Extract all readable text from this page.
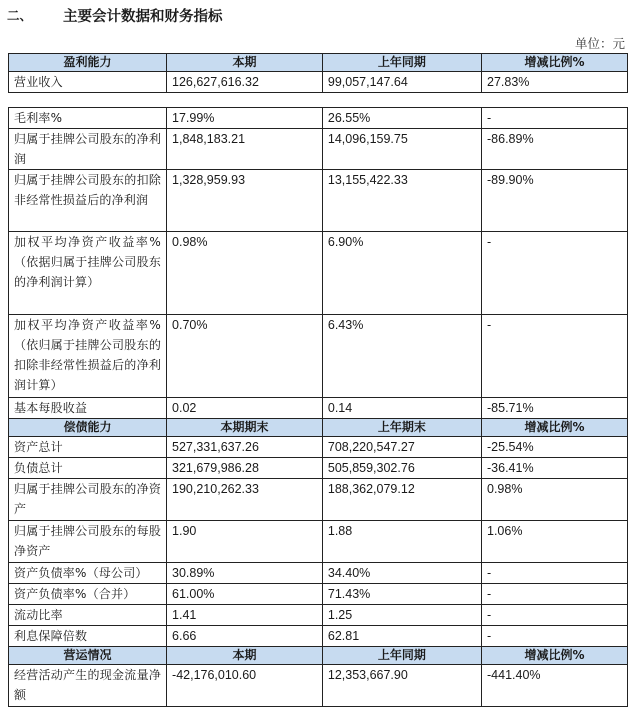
二、	主要会计数据和财务指标
单位：元
盈利能力	本期	上年同期	增减比例%
营业收入	126,627,616.32	99,057,147.64	27.83%
毛利率%	17.99%	26.55%	-
归属于挂牌公司股东的净利润	1,848,183.21	14,096,159.75	-86.89%
归属于挂牌公司股东的扣除非经常性损益后的净利润	1,328,959.93	13,155,422.33	-89.90%
加权平均净资产收益率%（依据归属于挂牌公司股东的净利润计算）	0.98%	6.90%	-
加权平均净资产收益率%（依归属于挂牌公司股东的扣除非经常性损益后的净利润计算）	0.70%	6.43%	-
基本每股收益	0.02	0.14	-85.71%
偿债能力	本期期末	上年期末	增减比例%
资产总计	527,331,637.26	708,220,547.27	-25.54%
负债总计	321,679,986.28	505,859,302.76	-36.41%
归属于挂牌公司股东的净资产	190,210,262.33	188,362,079.12	0.98%
归属于挂牌公司股东的每股净资产	1.90	1.88	1.06%
资产负债率%（母公司）	30.89%	34.40%	-
资产负债率%（合并）	61.00%	71.43%	-
流动比率	1.41	1.25	-
利息保障倍数	6.66	62.81	-
营运情况	本期	上年同期	增减比例%
经营活动产生的现金流量净额	-42,176,010.60	12,353,667.90	-441.40%
